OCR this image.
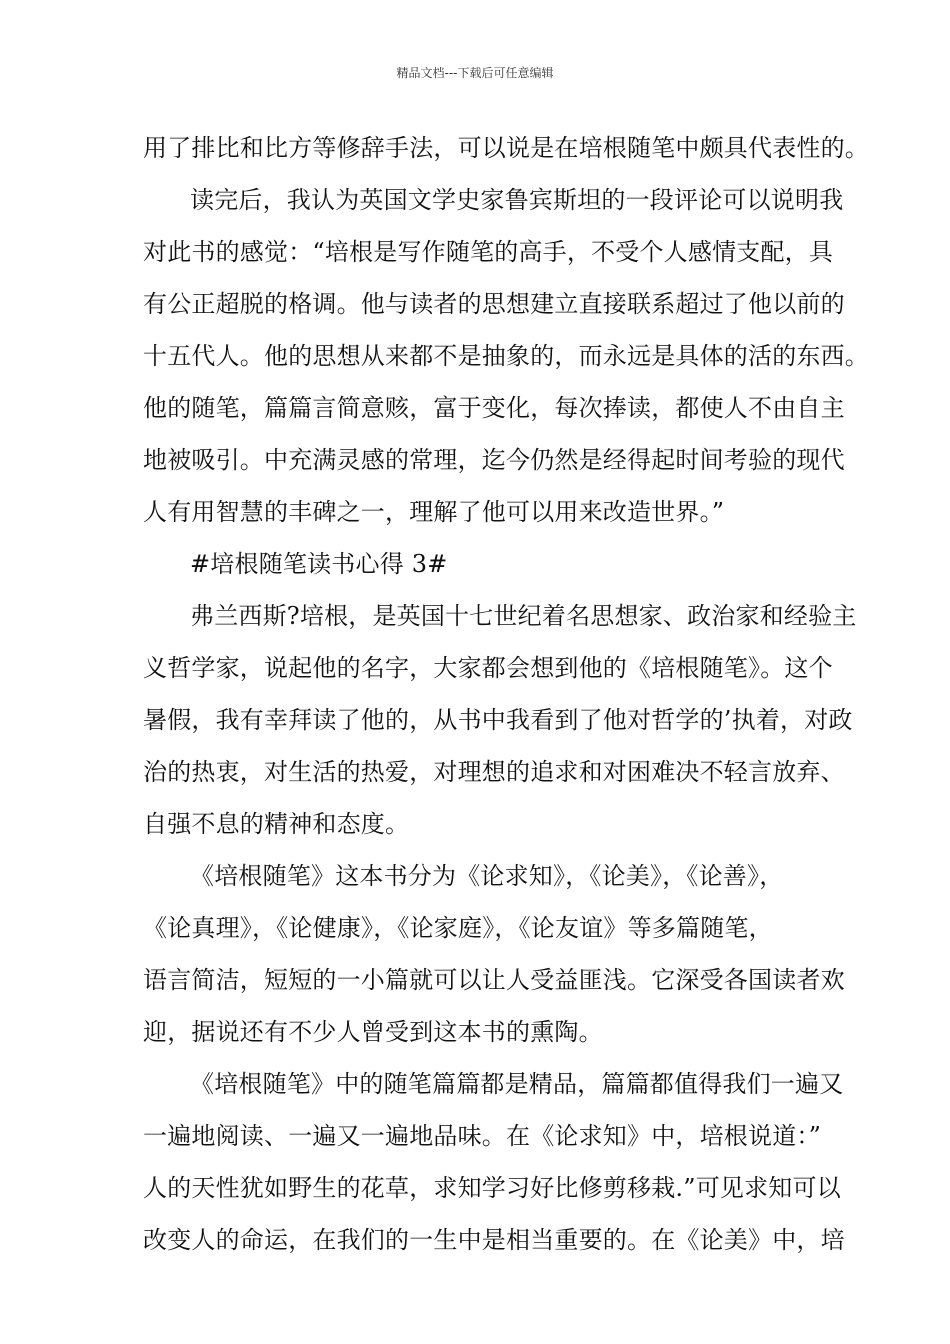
精品文档---下载后可任意编辑
用了排比和比方等修辞手法，可以说是在培根随笔中颇具代表性的。
读完后，我认为英国文学史家鲁宾斯坦的一段评论可以说明我
对此书的感觉：“培根是写作随笔的高手，不受个人感情支配，具
有公正超脱的格调。他与读者的思想建立直接联系超过了他以前的
十五代人。他的思想从来都不是抽象的，而永远是具体的活的东西。
他的随笔，篇篇言简意赅，富于变化，每次捧读，都使人不由自主
地被吸引。中充满灵感的常理，迄今仍然是经得起时间考验的现代
人有用智慧的丰碑之一，理解了他可以用来改造世界。”
#培根随笔读书心得 3#
弗兰西斯?培根，是英国十七世纪着名思想家、政治家和经验主
义哲学家，说起他的名字，大家都会想到他的《培根随笔》。这个
暑假，我有幸拜读了他的，从书中我看到了他对哲学的’执着，对政
治的热衷，对生活的热爱，对理想的追求和对困难决不轻言放弃、
自强不息的精神和态度。
《培根随笔》这本书分为《论求知》，《论美》，《论善》，
《论真理》，《论健康》，《论家庭》，《论友谊》等多篇随笔，
语言简洁，短短的一小篇就可以让人受益匪浅。它深受各国读者欢
迎，据说还有不少人曾受到这本书的熏陶。
《培根随笔》中的随笔篇篇都是精品，篇篇都值得我们一遍又
一遍地阅读、一遍又一遍地品味。在《论求知》中，培根说道：”
人的天性犹如野生的花草，求知学习好比修剪移栽.”可见求知可以
改变人的命运，在我们的一生中是相当重要的。在《论美》中，培
